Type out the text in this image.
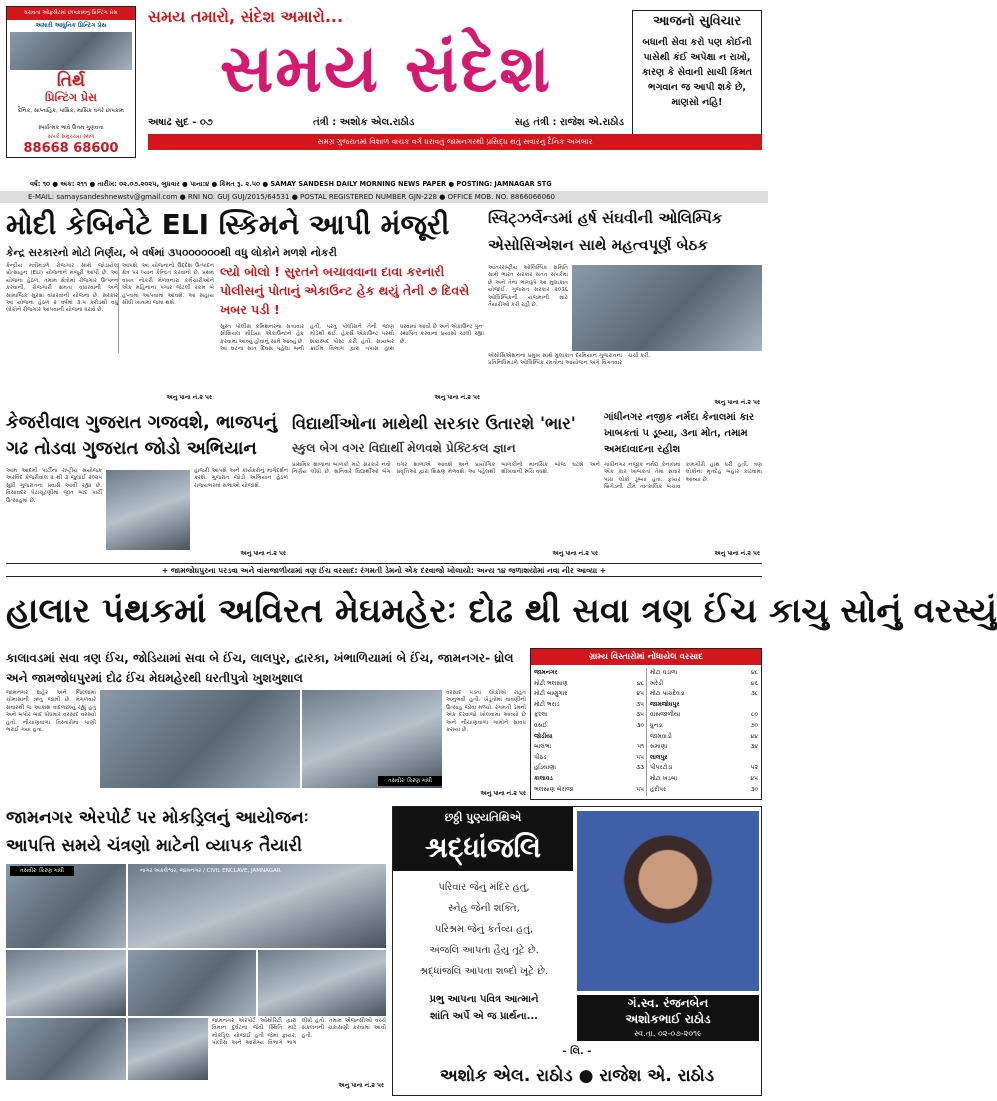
ધરાવતા ઓફસેટમાં છાપકામનું પ્રિન્ટિંગ પ્રેસ
અમારી આધુનિક પ્રિન્ટિંગ પ્રેસ
તિર્થ
પ્રિન્ટિંગ પ્રેસ
દૈનિક, સાપ્તાહિક, પાક્ષિક, માસિક વગેરે છાપકામ
સ્પર્ધાત્મક ભાવે ઉત્તમ ગુણવત્તા
સંપર્ક સમુચ્ચય સ્થળ
88668 68600
સમય તમારો, સંદેશ અમારો...
સમય સંદેશ
અષાઢ સુદ - ૦૭	તંત્રી : અશોક એલ.રાઠોડ	સહ તંત્રી : રાજેશ એ.રાઠોડ
આજનો સુવિચાર
બધાની સેવા કરો પણ કોઈની પાસેથી કંઈ અપેક્ષા ન રાખો, કારણ કે સેવાની સાચી કિંમત ભગવાન જ આપી શકે છે, માણસો નહિ!
સમગ્ર ગુજરાતમાં વિશાળ વાચક વર્ગ ધરાવતું જામનગરથી પ્રસિદ્ધ થતું સવારનું દૈનિક અખબાર
વર્ષ: ૧૦ ● અંક: ૨૧૧ ● તારીખ: ૦૨.૦૭.૨૦૨૫, બુધવાર ● પાના:૪ ● કિંમત રૂ. ૨.૫૦ ● SAMAY SANDESH DAILY MORNING NEWS PAPER ● POSTING: JAMNAGAR STG
E-MAIL: samaysandeshnewstv@gmail.com ● RNI NO. GUJ GUJ/2015/64531 ● POSTAL REGISTERED NUMBER GJN-228 ● OFFICE MOB. NO. 8866066060
મોદી કેબિનેટે ELI સ્કિમને આપી મંજૂરી
કેન્દ્ર સરકારનો મોટો નિર્ણય, બે વર્ષમાં ૩૫૦૦૦૦૦૦થી વધુ લોકોને મળશે નોકરી
કેન્દ્રીય મંત્રીમંડળે રોજગાર સાથે જોડાયેલ પ્રોત્સાહન (ELI) યોજનાને મંજૂરી આપી છે. આ યોજના હેઠળ, તમામ ક્ષેત્રોમાં રોજગાર ઉત્પન્ન કરવાની, રોજગારી ક્ષમતા વધારવાની અને સામાજિક સુરક્ષા વધારવાની યોજના છે. સરકાર આ યોજના હેઠળ ૨ વર્ષમાં ૩.૫ કરોડથી વધુ લોકોને રોજગાર આપવાની યોજના ધરાવે છે.
આપશે. આ યોજનાનો ઉદ્દેશ ઉત્પાદન ક્ષેત્ર પર ધ્યાન કેન્દ્રિત કરવાનો છે. પ્રથમ વખત નોકરી મેળવનારા કર્મચારીઓને એક મહિનાના પગાર જેટલી રકમ બે હપ્તામાં આપવામાં આવશે. આ સહાય સીધી ખાતામાં જમા થશે.
લ્યો બોલો ! સુરતને બચાવવાના દાવા કરનારી પોલીસનું પોતાનું એકાઉન્ટ હેક થયું તેની ૭ દિવસે ખબર પડી !
સુરત પોલીસ કમિશનરના સત્તાવાર સોશિયલ મીડિયા એકાઉન્ટને હેક કરવામાં આવ્યું હોવાનું સામે આવ્યું છે. આ ઘટના સાત દિવસ પહેલા બની હતી, પરંતુ પોલીસને તેની જાણ મોડેથી થઈ. હેકર્સે એકાઉન્ટ પરથી શંકાસ્પદ પોસ્ટ કરી હતી. સાયબર ક્રાઈમ વિભાગ દ્વારા તપાસ હાથ ધરવામાં આવી છે અને એકાઉન્ટ પુનઃ સ્થાપિત કરવાના પ્રયાસો ચાલી રહ્યા છે.
અનુ પાના નં.૨ પર
અનુ પાના નં.૨ પર
સ્વિટ્ઝર્લેન્ડમાં હર્ષ સંઘવીની ઓલિમ્પિક એસોસિએશન સાથે મહત્વપૂર્ણ બેઠક
આંતરરાષ્ટ્રીય ઓલિમ્પિક સમિતિ સાથે ભારત સરકાર સતત સંપર્કમાં છે અને તેના ભાગરૂપે આ મુલાકાત યોજાઈ. ગુજરાત સરકાર ૨૦૩૬ ઓલિમ્પિકની યજમાની માટે તૈયારીઓ કરી રહી છે.
એસોસિએશનના પ્રમુખ સાથે મુલાકાત દરમિયાન ગુજરાતના પ્રતિનિધિમંડળે ઓલિમ્પિક રમતોના આયોજન અંગે વિગતવાર ચર્ચા કરી.
અનુ પાના નં.૨ પર
કેજરીવાલ ગુજરાત ગજવશે, ભાજપનું
ગઢ તોડવા ગુજરાત જોડો અભિયાન
આમ આદમી પાર્ટીના રાષ્ટ્રીય સંયોજક અરવિંદ કેજરીવાલ ૨ થી ૩ જુલાઈ ૨૦૨૫ સુધી ગુજરાતના પ્રવાસે આવી રહ્યા છે. વિસાવદર પેટાચૂંટણીમાં જીત બાદ પાર્ટી ઉત્સાહમાં છે.
હાજરી આપશે અને કાર્યકરોનું માર્ગદર્શન કરશે. ગુજરાત જોડો અભિયાન હેઠળ રાજ્યભરમાં સભાઓ યોજાશે.
અનુ પાના નં.૨ પર
વિદ્યાર્થીઓના માથેથી સરકાર ઉતારશે 'ભાર'
સ્કુલ બેગ વગર વિદ્યાર્થી મેળવશે પ્રેક્ટિકલ જ્ઞાન
પ્રાથમિક શાળાના બાળકો માટે સરકારે નવો નિર્ણય લીધો છે. શનિવારે વિદ્યાર્થીઓ બેગ વગર શાળાએ આવશે અને પ્રાયોગિક પ્રવૃત્તિઓ દ્વારા શિક્ષણ મેળવશે. આ પહેલથી બાળકોનો માનસિક બોજ ઘટશે અને શીખવાની રુચિ વધશે.
અનુ પાના નં.૨ પર
ગાંધીનગર નજીક નર્મદા કેનાલમાં કાર ખાબકતાં ૫ ડૂબ્યા, ૩ના મોત, તમામ અમદાવાદના રહીશ
ગાંધીનગર નજીક નર્મદા કેનાલમાં એક કાર ખાબકતાં તેમાં સવાર પાંચ લોકો ડૂબ્યા હતા. ફાયર બ્રિગેડની ટીમે તાત્કાલિક બચાવ કામગીરી હાથ ધરી હતી. ત્રણ લોકોના મૃતદેહ બહાર કાઢવામાં આવ્યા છે.
અનુ પાના નં.૨ પર
+ જામજોધપુરના પરડવા અને વાંસજાળીયામાં ત્રણ ઈંચ વરસાદ: રંગમતી ડેમનો એક દરવાજો ખોલાયો: અન્ય ૧૪ જળાશયોમાં નવા નીર આવ્યા +
હાલાર પંથકમાં અવિરત મેઘમહેરઃ દોઢ થી સવા ત્રણ ઈંચ કાચુ સોનું વરસ્યું
કાલાવડમાં સવા ત્રણ ઈંચ, જોડિયામાં સવા બે ઈંચ, લાલપુર, દ્વારકા, ખંભાળિયામાં બે ઈંચ, જામનગર- ધ્રોલ અને જામજોધપુરમાં દોઢ ઈંચ મેઘમહેરથી ધરતીપુત્રો ખુશખુશાલ
જામનગર શહેર અને જિલ્લામાં ચોમાસાની ઋતુ જામી છે. મંગળવારે સવારથી જ આકાશ વાદળછાયું રહ્યું હતું અને બપોર બાદ ધોધમાર વરસાદ વરસ્યો હતો. નીચાણવાળા વિસ્તારોમાં પાણી ભરાઈ ગયા હતા.
તસવીરઃ કિરણ ગાંધી
વરસાદ પડતાં લોકોએ રાહત અનુભવી હતી. ખેડૂતોમાં વાવણીનો ઉત્સાહ જોવા મળ્યો. રંગમતી ડેમનો એક દરવાજો ખોલવામાં આવ્યો છે અને નીચાણવાળા ગામોને સાવધ કરાયા છે.
અનુ પાના નં.૨ પર
ગ્રામ્ય વિસ્તારોમાં નોંધાયેલ વરસાદ
જામનગર
મોટી ભલસાણ	૪૮
મોટી બાણુગાર	૪૫
મોટી ભરાડ	૩૫
ફલ્લા	૩૫
વસઈ	૩૦
જોડીયા
બાલંભા	૫૧
પીઠડ	૫૫
હડિયાણા	૩૩
કાલાવડ
ભલસાણ બેરાજા	૫૫
મોટા વડાળા	૪૮
ખરેડી	૪૬
મોટા પાંચદેવડા	૩૮
જામજોધપુર
વાંસજાળીયા	૮૦
ધુનડા	૭૦
જામવાડી	૪૪
સમાણા	૩૪
લાલપુર
પીપરટોડા	૫૨
મોટા ખડબા	૪૫
હરીપર	૩૦
જામનગર એરપોર્ટ પર મોકડ્રિલનું આયોજનઃ
આપત્તિ સમયે ચંત્રણો માટેની વ્યાપક તૈયારી
તસવીરઃ કિરણ ગાંધી	નાગર અંકલેશ્વર, જામનગર / CIVIL ENCLAVE, JAMNAGAR
જામનગર એરપોર્ટ ઓથોરિટી દ્વારા વિમાન દુર્ઘટના જેવી સ્થિતિ માટે મોકડ્રિલ યોજાઈ હતી જેમાં ફાયર, પોલીસ અને આરોગ્ય વિભાગે ભાગ લીધો હતો. તમામ એજન્સીઓ વચ્ચે સંકલનની ચકાસણી કરવામાં આવી હતી.
અનુ પાના નં.૨ પર
છઠ્ઠી પુણ્યતિથિએ
શ્રદ્ધાંજલિ
પરિવાર જેનું મંદિર હતું,
સ્નેહ જેની શક્તિ,
પરિશ્રમ જેનું કર્તવ્ય હતું,
અંજલિ આપતા હૈયુ તૂટે છે.
શ્રદ્ધાંજલિ આપતા શબ્દો ખૂટે છે.
પ્રભુ આપના પવિત્ર આત્માને
શાંતિ અર્પે એ જ પ્રાર્થના...
ગં.સ્વ. રંજનબેન
અશોકભાઈ રાઠોડ
સ્વ.તા. ૦૨-૦૭-૨૦૧૯
- લિ. -
અશોક એલ. રાઠોડ ● રાજેશ એ. રાઠોડ
